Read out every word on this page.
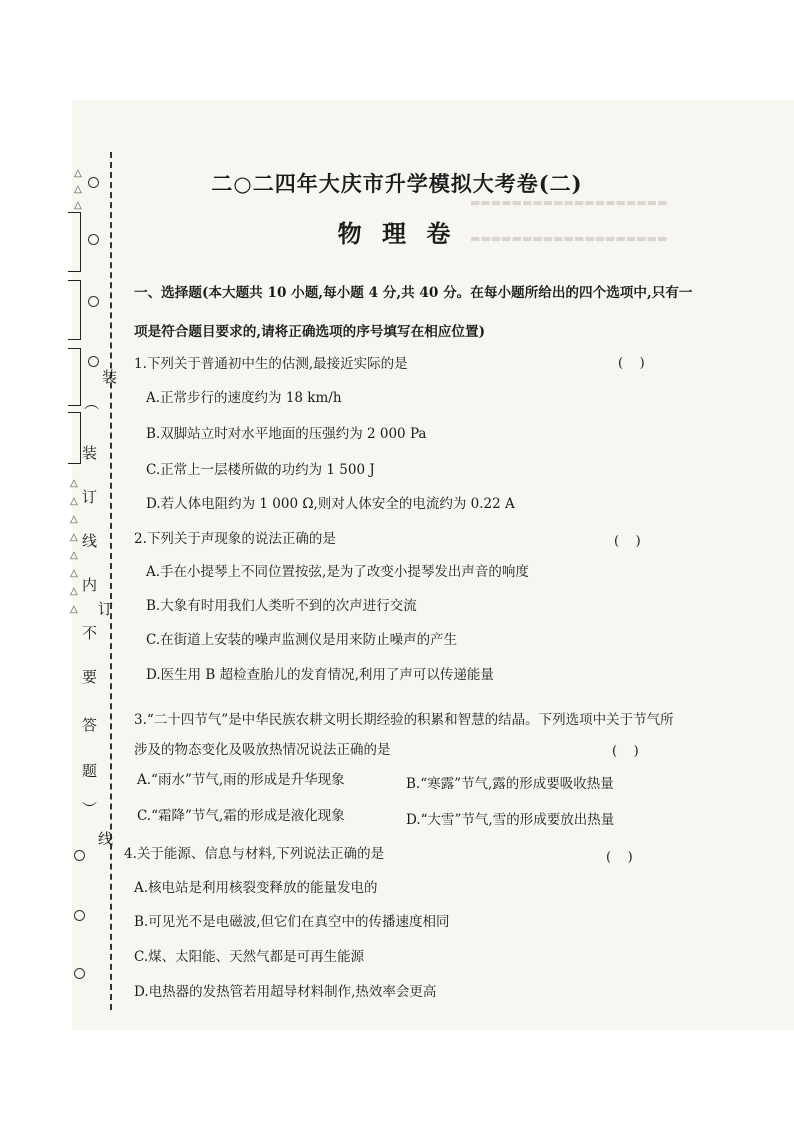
△
△
△
装
︵
装
△
△
△
△
△
△
△
△
订
线
内
订
不
要
答
题
︶
线
▬▬▬▬▬▬▬▬▬▬▬▬▬▬▬▬▬▬▬
▬▬▬▬▬▬▬▬▬▬▬▬▬▬▬▬▬▬▬
二○二四年大庆市升学模拟大考卷(二)
物 理 卷
一、选择题(本大题共 10 小题,每小题 4 分,共 40 分。在每小题所给出的四个选项中,只有一
项是符合题目要求的,请将正确选项的序号填写在相应位置)
1.下列关于普通初中生的估测,最接近实际的是	(    )
A.正常步行的速度约为 18 km/h
B.双脚站立时对水平地面的压强约为 2 000 Pa
C.正常上一层楼所做的功约为 1 500 J
D.若人体电阻约为 1 000 Ω,则对人体安全的电流约为 0.22 A
2.下列关于声现象的说法正确的是	(    )
A.手在小提琴上不同位置按弦,是为了改变小提琴发出声音的响度
B.大象有时用我们人类听不到的次声进行交流
C.在街道上安装的噪声监测仪是用来防止噪声的产生
D.医生用 B 超检查胎儿的发育情况,利用了声可以传递能量
3.“二十四节气”是中华民族农耕文明长期经验的积累和智慧的结晶。下列选项中关于节气所
涉及的物态变化及吸放热情况说法正确的是	(    )
A.“雨水”节气,雨的形成是升华现象	B.“寒露”节气,露的形成要吸收热量
C.“霜降”节气,霜的形成是液化现象	D.“大雪”节气,雪的形成要放出热量
4.关于能源、信息与材料,下列说法正确的是	(    )
A.核电站是利用核裂变释放的能量发电的
B.可见光不是电磁波,但它们在真空中的传播速度相同
C.煤、太阳能、天然气都是可再生能源
D.电热器的发热管若用超导材料制作,热效率会更高
